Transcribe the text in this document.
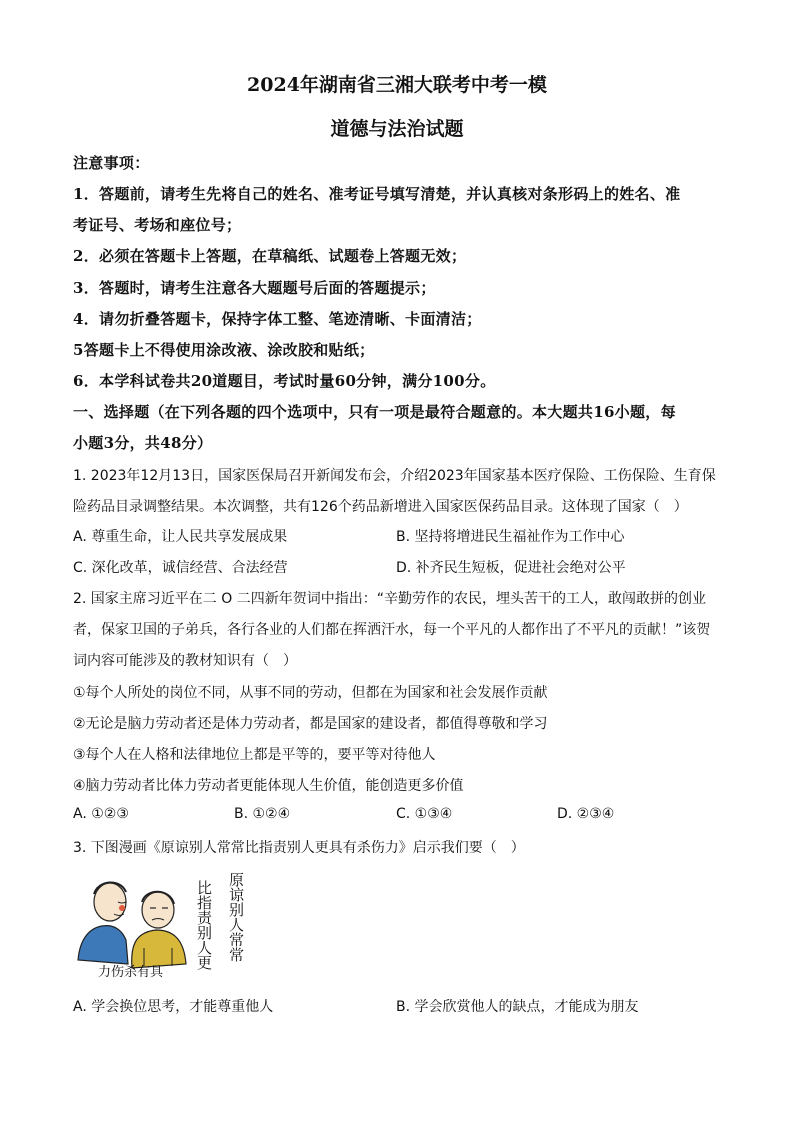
2024年湖南省三湘大联考中考一模
道德与法治试题
注意事项：
1．答题前，请考生先将自己的姓名、准考证号填写清楚，并认真核对条形码上的姓名、准
考证号、考场和座位号；
2．必须在答题卡上答题，在草稿纸、试题卷上答题无效；
3．答题时，请考生注意各大题题号后面的答题提示；
4．请勿折叠答题卡，保持字体工整、笔迹清晰、卡面清洁；
5答题卡上不得使用涂改液、涂改胶和贴纸；
6．本学科试卷共20道题目，考试时量60分钟，满分100分。
一、选择题（在下列各题的四个选项中，只有一项是最符合题意的。本大题共16小题，每
小题3分，共48分）
1. 2023年12月13日，国家医保局召开新闻发布会，介绍2023年国家基本医疗保险、工伤保险、生育保
险药品目录调整结果。本次调整，共有126个药品新增进入国家医保药品目录。这体现了国家（　）
A. 尊重生命，让人民共享发展成果	B. 坚持将增进民生福祉作为工作中心
C. 深化改革，诚信经营、合法经营	D. 补齐民生短板，促进社会绝对公平
2. 国家主席习近平在二 O 二四新年贺词中指出：“辛勤劳作的农民，埋头苦干的工人，敢闯敢拼的创业
者，保家卫国的子弟兵，各行各业的人们都在挥洒汗水，每一个平凡的人都作出了不平凡的贡献！”该贺
词内容可能涉及的教材知识有（　）
①每个人所处的岗位不同，从事不同的劳动，但都在为国家和社会发展作贡献
②无论是脑力劳动者还是体力劳动者，都是国家的建设者，都值得尊敬和学习
③每个人在人格和法律地位上都是平等的，要平等对待他人
④脑力劳动者比体力劳动者更能体现人生价值，能创造更多价值
A. ①②③	B. ①②④	C. ①③④	D. ②③④
3. 下图漫画《原谅别人常常比指责别人更具有杀伤力》启示我们要（　）
原谅别人常常
比指责别人更
力伤杀有具
A. 学会换位思考，才能尊重他人	B. 学会欣赏他人的缺点，才能成为朋友
